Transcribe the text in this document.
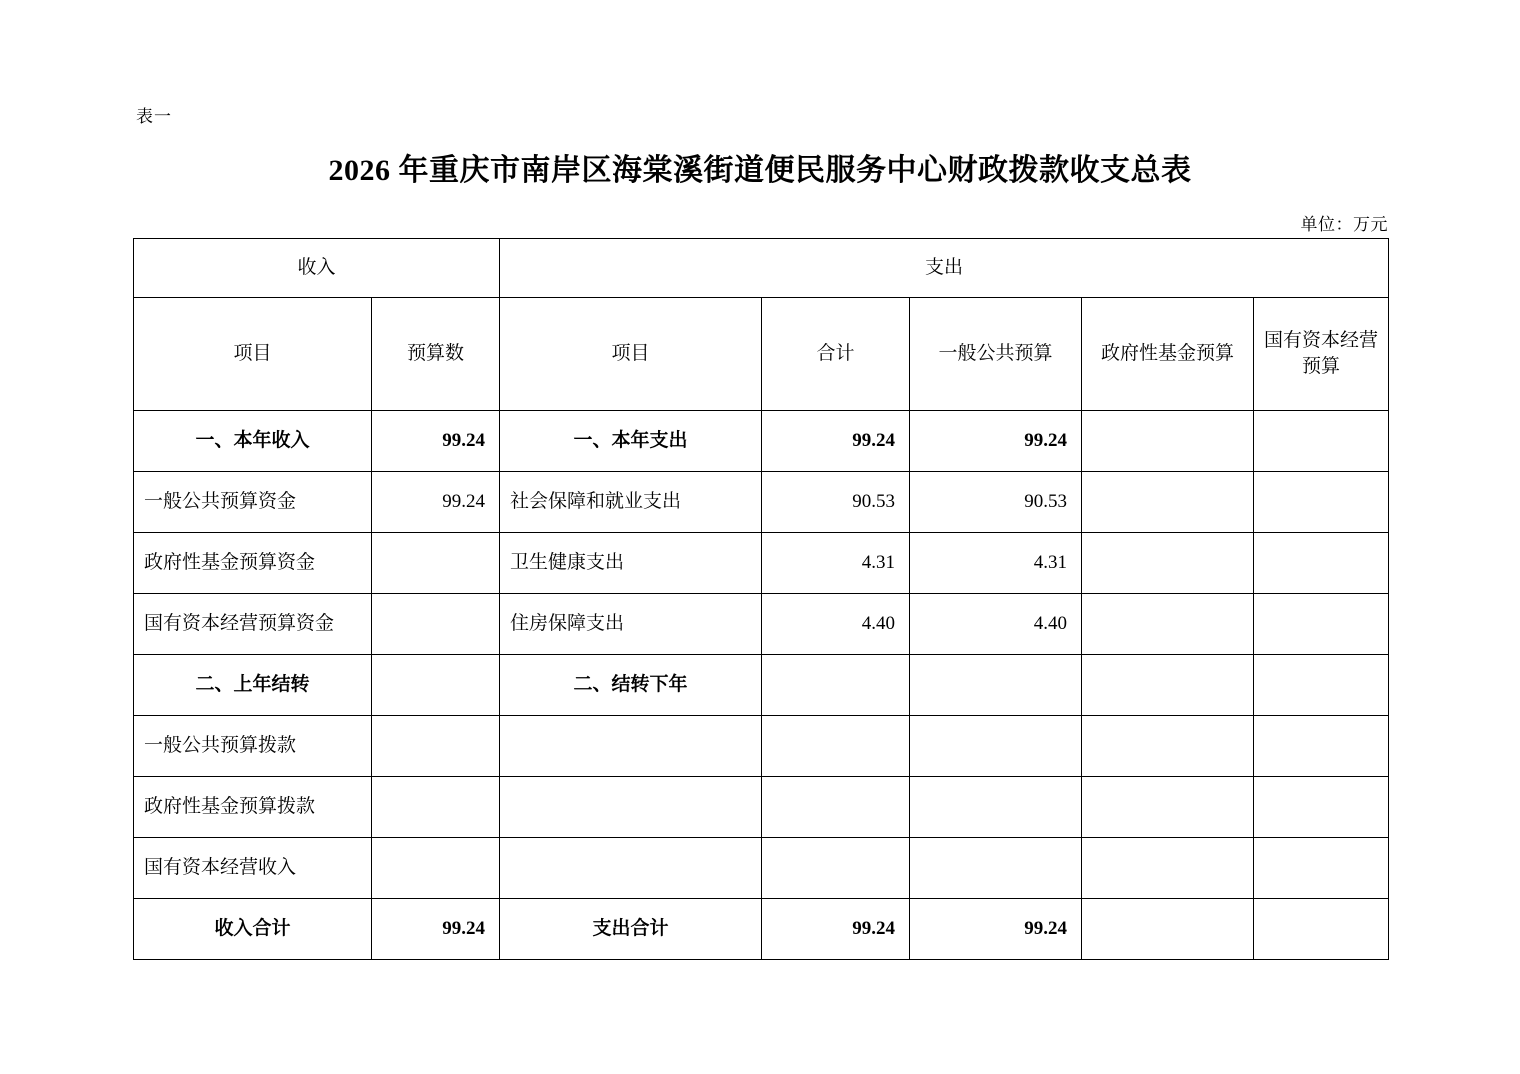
表一
2026 年重庆市南岸区海棠溪街道便民服务中心财政拨款收支总表
单位：万元
收入		支出				
项目	预算数	项目	合计	一般公共预算	政府性基金预算	国有资本经营预算
一、本年收入	99.24	一、本年支出	99.24	99.24		
一般公共预算资金	99.24	社会保障和就业支出	90.53	90.53		
政府性基金预算资金		卫生健康支出	4.31	4.31		
国有资本经营预算资金		住房保障支出	4.40	4.40		
二、上年结转		二、结转下年				
一般公共预算拨款						
政府性基金预算拨款						
国有资本经营收入						
收入合计	99.24	支出合计	99.24	99.24		
